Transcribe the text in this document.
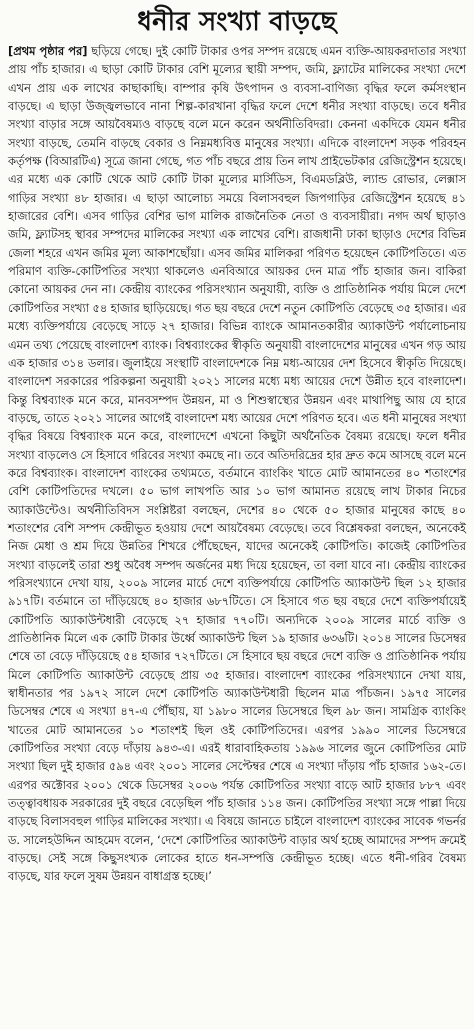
ধনীর সংখ্যা বাড়ছে

[প্রথম পৃষ্ঠার পর] ছড়িয়ে গেছে। দুই কোটি টাকার ওপর সম্পদ রয়েছে এমন ব্যক্তি-আয়করদাতার সংখ্যা প্রায় পাঁচ হাজার। এ ছাড়া কোটি টাকার বেশি মূল্যের স্থায়ী সম্পদ, জমি, ফ্ল্যাটের মালিকের সংখ্যা দেশে এখন প্রায় এক লাখের কাছাকাছি। বাম্পার কৃষি উৎপাদন ও ব্যবসা-বাণিজ্য বৃদ্ধির ফলে কর্মসংস্থান বাড়ছে। এ ছাড়া উজ্জ্বলভাবে নানা শিল্প-কারখানা বৃদ্ধির ফলে দেশে ধনীর সংখ্যা বাড়ছে। তবে ধনীর সংখ্যা বাড়ার সঙ্গে আয়বৈষম্যও বাড়ছে বলে মনে করেন অর্থনীতিবিদরা। কেননা একদিকে যেমন ধনীর সংখ্যা বাড়ছে, তেমনি বাড়ছে বেকার ও নিম্নমধ্যবিত্ত মানুষের সংখ্যা। এদিকে বাংলাদেশ সড়ক পরিবহন কর্তৃপক্ষ (বিআরটিএ) সূত্রে জানা গেছে, গত পাঁচ বছরে প্রায় তিন লাখ প্রাইভেটকার রেজিস্ট্রেশন হয়েছে। এর মধ্যে এক কোটি থেকে আট কোটি টাকা মূল্যের মার্সিডিস, বিএমডব্লিউ, ল্যান্ড রোভার, লেক্সাস গাড়ির সংখ্যা ৪৮ হাজার। এ ছাড়া আলোচ্য সময়ে বিলাসবহুল জিপগাড়ির রেজিস্ট্রেশন হয়েছে ৪১ হাজারের বেশি। এসব গাড়ির বেশির ভাগ মালিক রাজনৈতিক নেতা ও ব্যবসায়ীরা। নগদ অর্থ ছাড়াও জমি, ফ্ল্যাটসহ স্থাবর সম্পদের মালিকের সংখ্যা এক লাখের বেশি। রাজধানী ঢাকা ছাড়াও দেশের বিভিন্ন জেলা শহরে এখন জমির মূল্য আকাশছোঁয়া। এসব জমির মালিকরা পরিণত হয়েছেন কোটিপতিতে। এত পরিমাণ ব্যক্তি-কোটিপতির সংখ্যা থাকলেও এনবিআরে আয়কর দেন মাত্র পাঁচ হাজার জন। বাকিরা কোনো আয়কর দেন না। কেন্দ্রীয় ব্যাংকের পরিসংখ্যান অনুযায়ী, ব্যক্তি ও প্রাতিষ্ঠানিক পর্যায় মিলে দেশে কোটিপতির সংখ্যা ৫৪ হাজার ছাড়িয়েছে। গত ছয় বছরে দেশে নতুন কোটিপতি বেড়েছে ৩৫ হাজার। এর মধ্যে ব্যক্তিপর্যায়ে বেড়েছে সাড়ে ২৭ হাজার। বিভিন্ন ব্যাংকে আমানতকারীর অ্যাকাউন্ট পর্যালোচনায় এমন তথ্য পেয়েছে বাংলাদেশ ব্যাংক। বিশ্বব্যাংকের স্বীকৃতি অনুযায়ী বাংলাদেশের মানুষের এখন গড় আয় এক হাজার ৩১৪ ডলার। জুলাইয়ে সংস্থাটি বাংলাদেশকে নিম্ন মধ্য-আয়ের দেশ হিসেবে স্বীকৃতি দিয়েছে। বাংলাদেশ সরকারের পরিকল্পনা অনুযায়ী ২০২১ সালের মধ্যে মধ্য আয়ের দেশে উন্নীত হবে বাংলাদেশ। কিন্তু বিশ্বব্যাংক মনে করে, মানবসম্পদ উন্নয়ন, মা ও শিশুস্বাস্থ্যের উন্নয়ন এবং মাথাপিছু আয় যে হারে বাড়ছে, তাতে ২০২১ সালের আগেই বাংলাদেশ মধ্য আয়ের দেশে পরিণত হবে। এত ধনী মানুষের সংখ্যা বৃদ্ধির বিষয়ে বিশ্বব্যাংক মনে করে, বাংলাদেশে এখনো কিছুটা অর্থনৈতিক বৈষম্য রয়েছে। ফলে ধনীর সংখ্যা বাড়লেও সে হিসাবে গরিবের সংখ্যা কমছে না। তবে অতিদরিদ্রের হার দ্রুত কমে আসছে বলে মনে করে বিশ্বব্যাংক। বাংলাদেশ ব্যাংকের তথ্যমতে, বর্তমানে ব্যাংকিং খাতে মোট আমানতের ৪০ শতাংশের বেশি কোটিপতিদের দখলে। ৫০ ভাগ লাখপতি আর ১০ ভাগ আমানত রয়েছে লাখ টাকার নিচের অ্যাকাউন্টেও। অর্থনীতিবিদস সংশ্লিষ্টরা বলছেন, দেশের ৪০ থেকে ৫০ হাজার মানুষের কাছে ৪০ শতাংশের বেশি সম্পদ কেন্দ্রীভূত হওয়ায় দেশে আয়বৈষম্য বেড়েছে। তবে বিশ্লেষকরা বলছেন, অনেকেই নিজ মেধা ও শ্রম দিয়ে উন্নতির শিখরে পৌঁছেছেন, যাদের অনেকেই কোটিপতি। কাজেই কোটিপতির সংখ্যা বাড়লেই তারা শুধু অবৈধ সম্পদ অর্জনের মধ্য দিয়ে হয়েছেন, তা বলা যাবে না। কেন্দ্রীয় ব্যাংকের পরিসংখ্যানে দেখা যায়, ২০০৯ সালের মার্চে দেশে ব্যক্তিপর্যায়ে কোটিপতি অ্যাকাউন্ট ছিল ১২ হাজার ৯১৭টি। বর্তমানে তা দাঁড়িয়েছে ৪০ হাজার ৬৮৭টিতে। সে হিসাবে গত ছয় বছরে দেশে ব্যক্তিপর্যায়েই কোটিপতি অ্যাকাউন্টধারী বেড়েছে ২৭ হাজার ৭৭০টি। অন্যদিকে ২০০৯ সালের মার্চে ব্যক্তি ও প্রাতিষ্ঠানিক মিলে এক কোটি টাকার উর্ধ্বে অ্যাকাউন্ট ছিল ১৯ হাজার ৬৩৬টি। ২০১৪ সালের ডিসেম্বর শেষে তা বেড়ে দাঁড়িয়েছে ৫৪ হাজার ৭২৭টিতে। সে হিসাবে ছয় বছরে দেশে ব্যক্তি ও প্রাতিষ্ঠানিক পর্যায় মিলে কোটিপতি অ্যাকাউন্ট বেড়েছে প্রায় ৩৫ হাজার। বাংলাদেশ ব্যাংকের পরিসংখ্যানে দেখা যায়, স্বাধীনতার পর ১৯৭২ সালে দেশে কোটিপতি অ্যাকাউন্টধারী ছিলেন মাত্র পাঁচজন। ১৯৭৫ সালের ডিসেম্বর শেষে এ সংখ্যা ৪৭-এ পৌঁছায়, যা ১৯৮০ সালের ডিসেম্বরে ছিল ৯৮ জন। সামগ্রিক ব্যাংকিং খাতের মোট আমানতের ১০ শতাংশই ছিল ওই কোটিপতিদের। এরপর ১৯৯০ সালের ডিসেম্বরে কোটিপতির সংখ্যা বেড়ে দাঁড়ায় ৯৪৩-এ। এরই ধারাবাহিকতায় ১৯৯৬ সালের জুনে কোটিপতির মোট সংখ্যা ছিল দুই হাজার ৫৯৪ এবং ২০০১ সালের সেপ্টেম্বর শেষে এ সংখ্যা দাঁড়ায় পাঁচ হাজার ১৬২-তে। এরপর অক্টোবর ২০০১ থেকে ডিসেম্বর ২০০৬ পর্যন্ত কোটিপতির সংখ্যা বাড়ে আট হাজার ৮৮৭ এবং তত্ত্বাবধায়ক সরকারের দুই বছরে বেড়েছিল পাঁচ হাজার ১১৪ জন। কোটিপতির সংখ্যা সঙ্গে পাল্লা দিয়ে বাড়ছে বিলাসবহুল গাড়ির মালিকের সংখ্যা। এ বিষয়ে জানতে চাইলে বাংলাদেশ ব্যাংকের সাবেক গভর্নর ড. সালেহউদ্দিন আহমেদ বলেন, ‘দেশে কোটিপতির অ্যাকাউন্ট বাড়ার অর্থ হচ্ছে আমাদের সম্পদ ক্রমেই বাড়ছে। সেই সঙ্গে কিছুসংখ্যক লোকের হাতে ধন-সম্পত্তি কেন্দ্রীভূত হচ্ছে। এতে ধনী-গরিব বৈষম্য বাড়ছে, যার ফলে সুষম উন্নয়ন বাধাগ্রস্ত হচ্ছে।’
